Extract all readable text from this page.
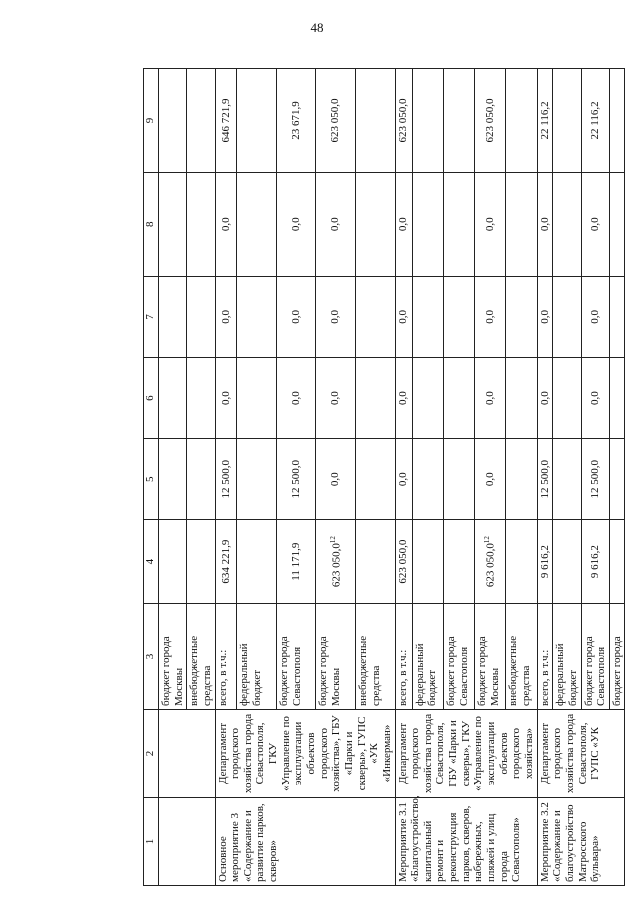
48
1	2	3	4	5	6	7	8	9
		бюджет города Москвы						
		внебюджетные средства						
Основное мероприятие 3 «Содержание и развитие парков, скверов»	Департамент городского хозяйства города Севастополя, ГКУ «Управление по эксплуатации объектов городского хозяйства», ГБУ «Парки и скверы», ГУПС «УК «Инкерман»	всего, в т.ч.:	634 221,9	12 500,0	0,0	0,0	0,0	646 721,9
		федеральный бюджет						
		бюджет города Севастополя	11 171,9	12 500,0	0,0	0,0	0,0	23 671,9
		бюджет города Москвы	623 050,0$^{12}$	0,0	0,0	0,0	0,0	623 050,0
		внебюджетные средства						
Мероприятие 3.1 «Благоустройство, капитальный ремонт и реконструкция парков, скверов, набережных, пляжей и улиц города Севастополя»	Департамент городского хозяйства города Севастополя, ГБУ «Парки и скверы», ГКУ «Управление по эксплуатации объектов городского хозяйства»	всего, в т.ч.:	623 050,0	0,0	0,0	0,0	0,0	623 050,0
		федеральный бюджет						
		бюджет города Севастополя						
		бюджет города Москвы	623 050,0$^{12}$	0,0	0,0	0,0	0,0	623 050,0
		внебюджетные средства						
Мероприятие 3.2 «Содержание и благоустройство Матросского бульвара»	Департамент городского хозяйства города Севастополя, ГУПС «УК	всего, в т.ч.:	9 616,2	12 500,0	0,0	0,0	0,0	22 116,2
		федеральный бюджет						
		бюджет города Севастополя	9 616,2	12 500,0	0,0	0,0	0,0	22 116,2
		бюджет города						
